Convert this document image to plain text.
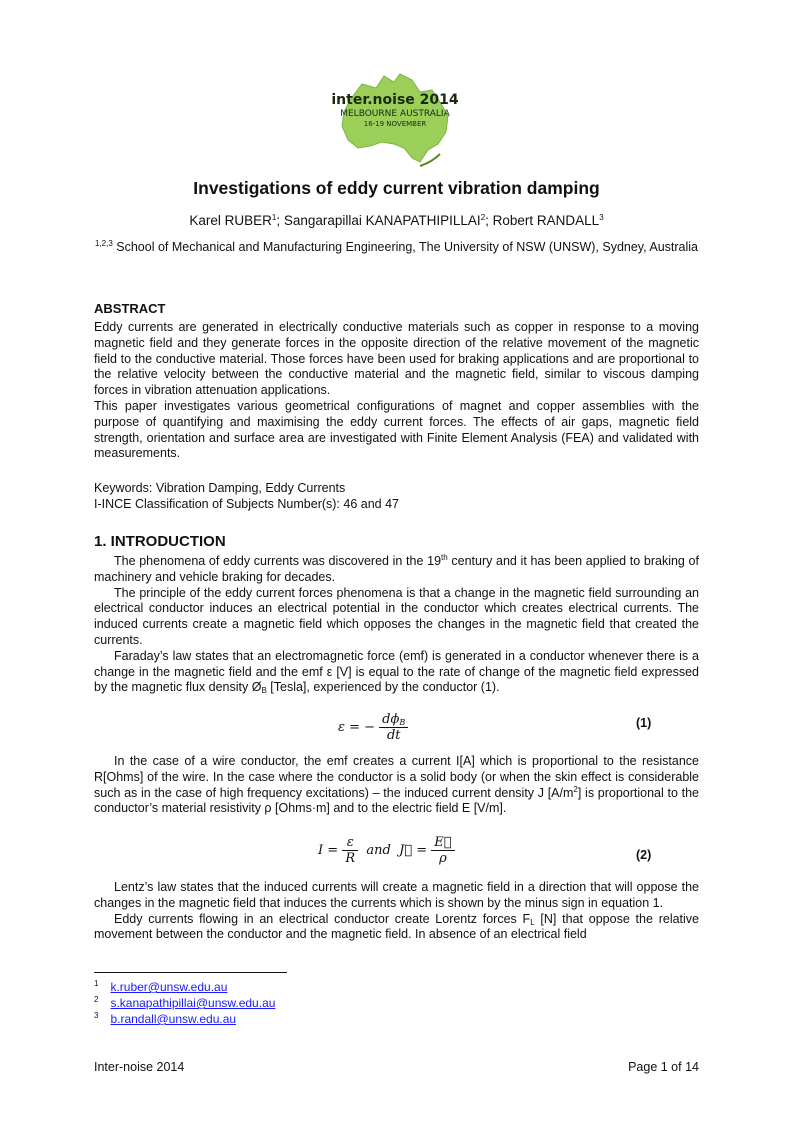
inter.noise 2014
MELBOURNE AUSTRALIA
16-19 NOVEMBER
Investigations of eddy current vibration damping
Karel RUBER$^1$; Sangarapillai KANAPATHIPILLAI$^2$; Robert RANDALL$^3$
$^{1,2,3}$ School of Mechanical and Manufacturing Engineering, The University of NSW (UNSW), Sydney, Australia
ABSTRACT

Eddy currents are generated in electrically conductive materials such as copper in response to a moving magnetic field and they generate forces in the opposite direction of the relative movement of the magnetic field to the conductive material. Those forces have been used for braking applications and are proportional to the relative velocity between the conductive material and the magnetic field, similar to viscous damping forces in vibration attenuation applications.

This paper investigates various geometrical configurations of magnet and copper assemblies with the purpose of quantifying and maximising the eddy current forces. The effects of air gaps, magnetic field strength, orientation and surface area are investigated with Finite Element Analysis (FEA) and validated with measurements.

Keywords: Vibration Damping, Eddy Currents

I-INCE Classification of Subjects Number(s): 46 and 47

1. INTRODUCTION

The phenomena of eddy currents was discovered in the 19th century and it has been applied to braking of machinery and vehicle braking for decades.

The principle of the eddy current forces phenomena is that a change in the magnetic field surrounding an electrical conductor induces an electrical potential in the conductor which creates electrical currents. The induced currents create a magnetic field which opposes the changes in the magnetic field that created the currents.

Faraday’s law states that an electromagnetic force (emf) is generated in a conductor whenever there is a change in the magnetic field and the emf ε [V] is equal to the rate of change of the magnetic field expressed by the magnetic flux density $Ø_B$ [Tesla], experienced by the conductor (1).

ε = − $\frac{d\phi_B}{dt}$	(1)

In the case of a wire conductor, the emf creates a current I[A] which is proportional to the resistance R[Ohms] of the wire. In the case where the conductor is a solid body (or when the skin effect is considerable such as in the case of high frequency excitations) – the induced current density J $[A/m^2]$ is proportional to the conductor’s material resistivity ρ [Ohms·m] and to the electric field E [V/m].

$I = \frac{\varepsilon}{R}$ and J⃗ = $\frac{E⃗}{\rho}$	(2)

Lentz’s law states that the induced currents will create a magnetic field in a direction that will oppose the changes in the magnetic field that induces the currents which is shown by the minus sign in equation 1.

Eddy currents flowing in an electrical conductor create Lorentz forces $F_L$ [N] that oppose the relative movement between the conductor and the magnetic field. In absence of an electrical field

$^1$ k.ruber@unsw.edu.au
$^2$ s.kanapathipillai@unsw.edu.au
$^3$ b.randall@unsw.edu.au
Inter-noise 2014	Page 1 of 14
